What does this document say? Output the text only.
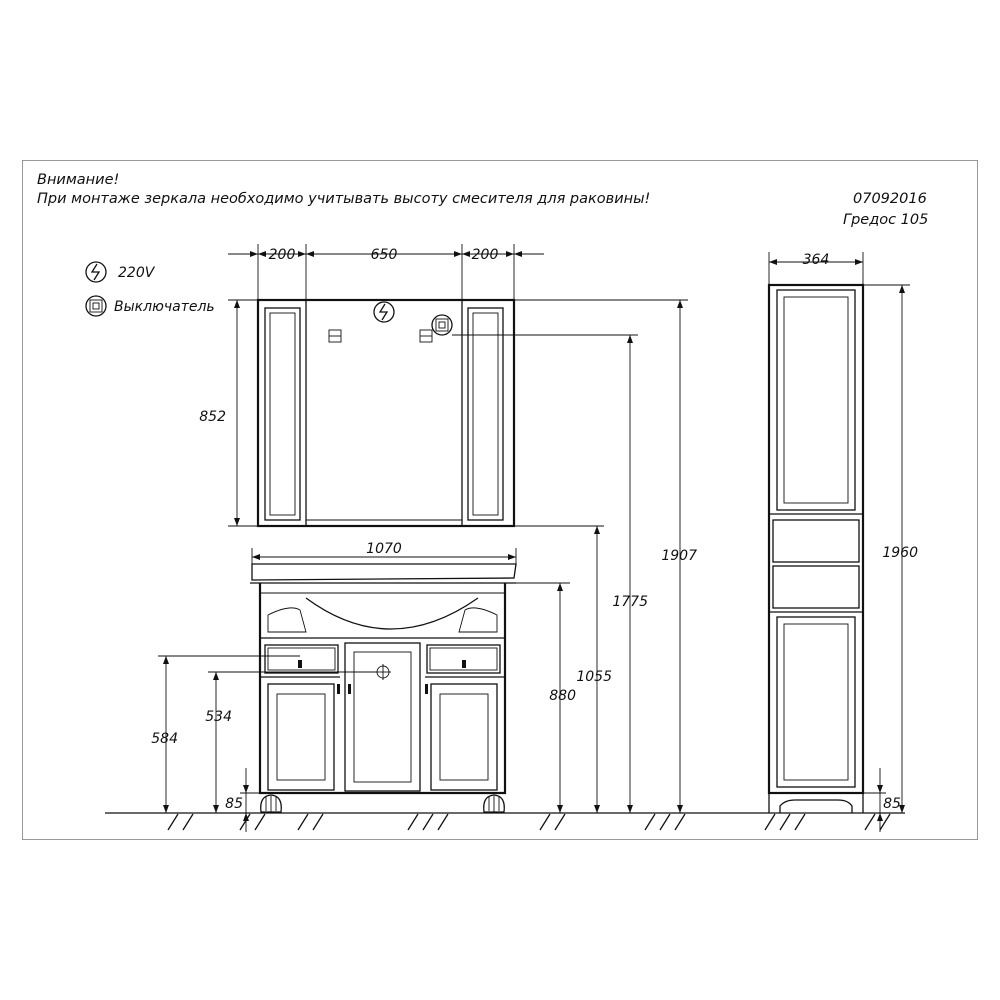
Внимание!
При монтаже зеркала необходимо учитывать высоту смесителя для раковины!	07092016
Гредос 105
220V
Выключатель
200	650	200
852
1070
584
534
85
880
1055
1775
1907
364
1960
85
